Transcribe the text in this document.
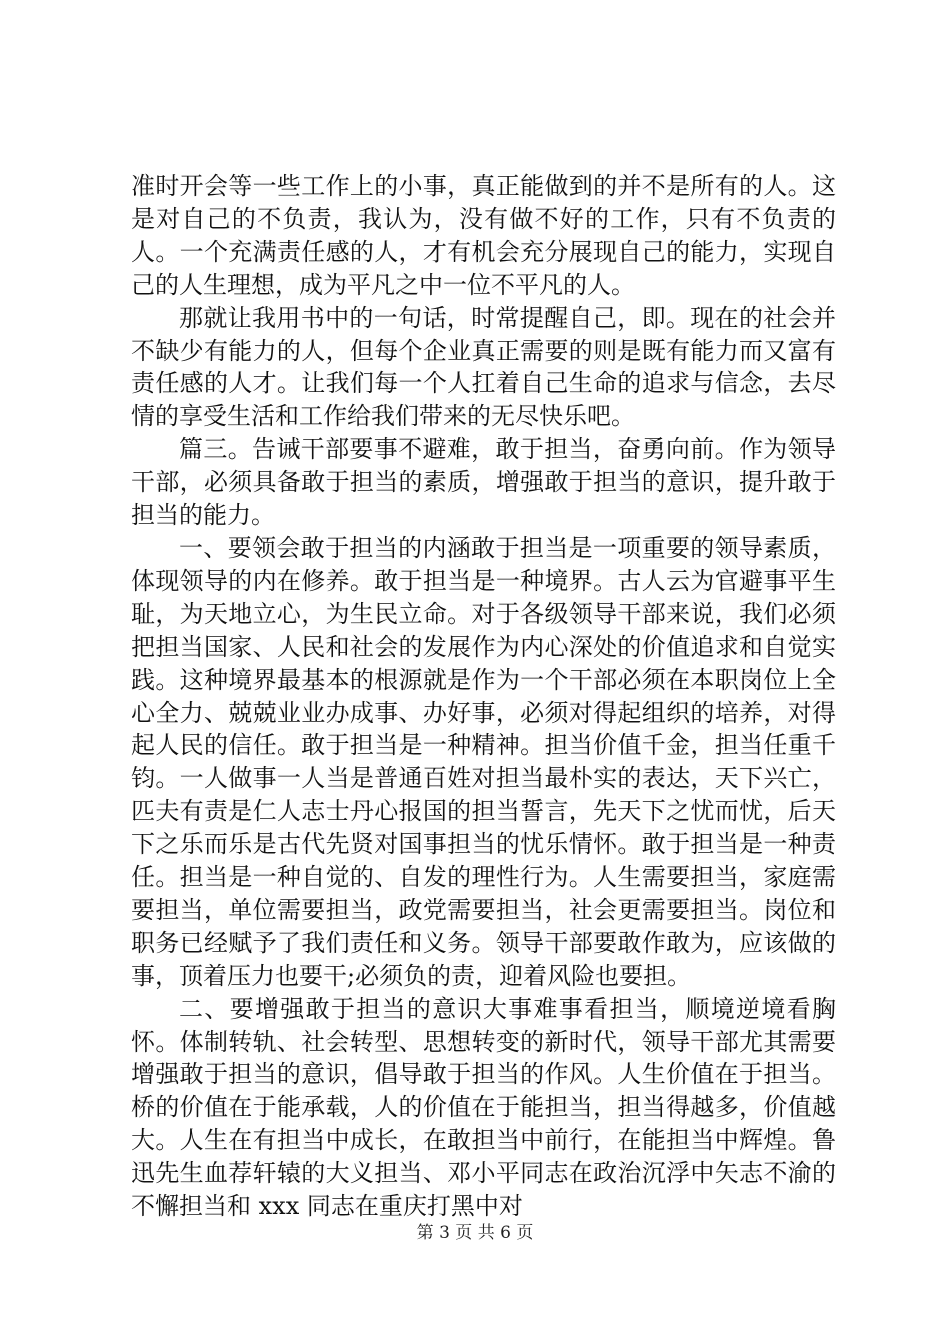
准时开会等一些工作上的小事，真正能做到的并不是所有的人。这是对自己的不负责，我认为，没有做不好的工作，只有不负责的人。一个充满责任感的人，才有机会充分展现自己的能力，实现自己的人生理想，成为平凡之中一位不平凡的人。

那就让我用书中的一句话，时常提醒自己，即。现在的社会并不缺少有能力的人，但每个企业真正需要的则是既有能力而又富有责任感的人才。让我们每一个人扛着自己生命的追求与信念，去尽情的享受生活和工作给我们带来的无尽快乐吧。

篇三。告诫干部要事不避难，敢于担当，奋勇向前。作为领导干部，必须具备敢于担当的素质，增强敢于担当的意识，提升敢于担当的能力。

一、要领会敢于担当的内涵敢于担当是一项重要的领导素质，体现领导的内在修养。敢于担当是一种境界。古人云为官避事平生耻，为天地立心，为生民立命。对于各级领导干部来说，我们必须把担当国家、人民和社会的发展作为内心深处的价值追求和自觉实践。这种境界最基本的根源就是作为一个干部必须在本职岗位上全心全力、兢兢业业办成事、办好事，必须对得起组织的培养，对得起人民的信任。敢于担当是一种精神。担当价值千金，担当任重千钧。一人做事一人当是普通百姓对担当最朴实的表达，天下兴亡，匹夫有责是仁人志士丹心报国的担当誓言，先天下之忧而忧，后天下之乐而乐是古代先贤对国事担当的忧乐情怀。敢于担当是一种责任。担当是一种自觉的、自发的理性行为。人生需要担当，家庭需要担当，单位需要担当，政党需要担当，社会更需要担当。岗位和职务已经赋予了我们责任和义务。领导干部要敢作敢为，应该做的事，顶着压力也要干;必须负的责，迎着风险也要担。

二、要增强敢于担当的意识大事难事看担当，顺境逆境看胸怀。体制转轨、社会转型、思想转变的新时代，领导干部尤其需要增强敢于担当的意识，倡导敢于担当的作风。人生价值在于担当。桥的价值在于能承载，人的价值在于能担当，担当得越多，价值越大。人生在有担当中成长，在敢担当中前行，在能担当中辉煌。鲁迅先生血荐轩辕的大义担当、邓小平同志在政治沉浮中矢志不渝的不懈担当和 xxx 同志在重庆打黑中对

第 3 页 共 6 页
